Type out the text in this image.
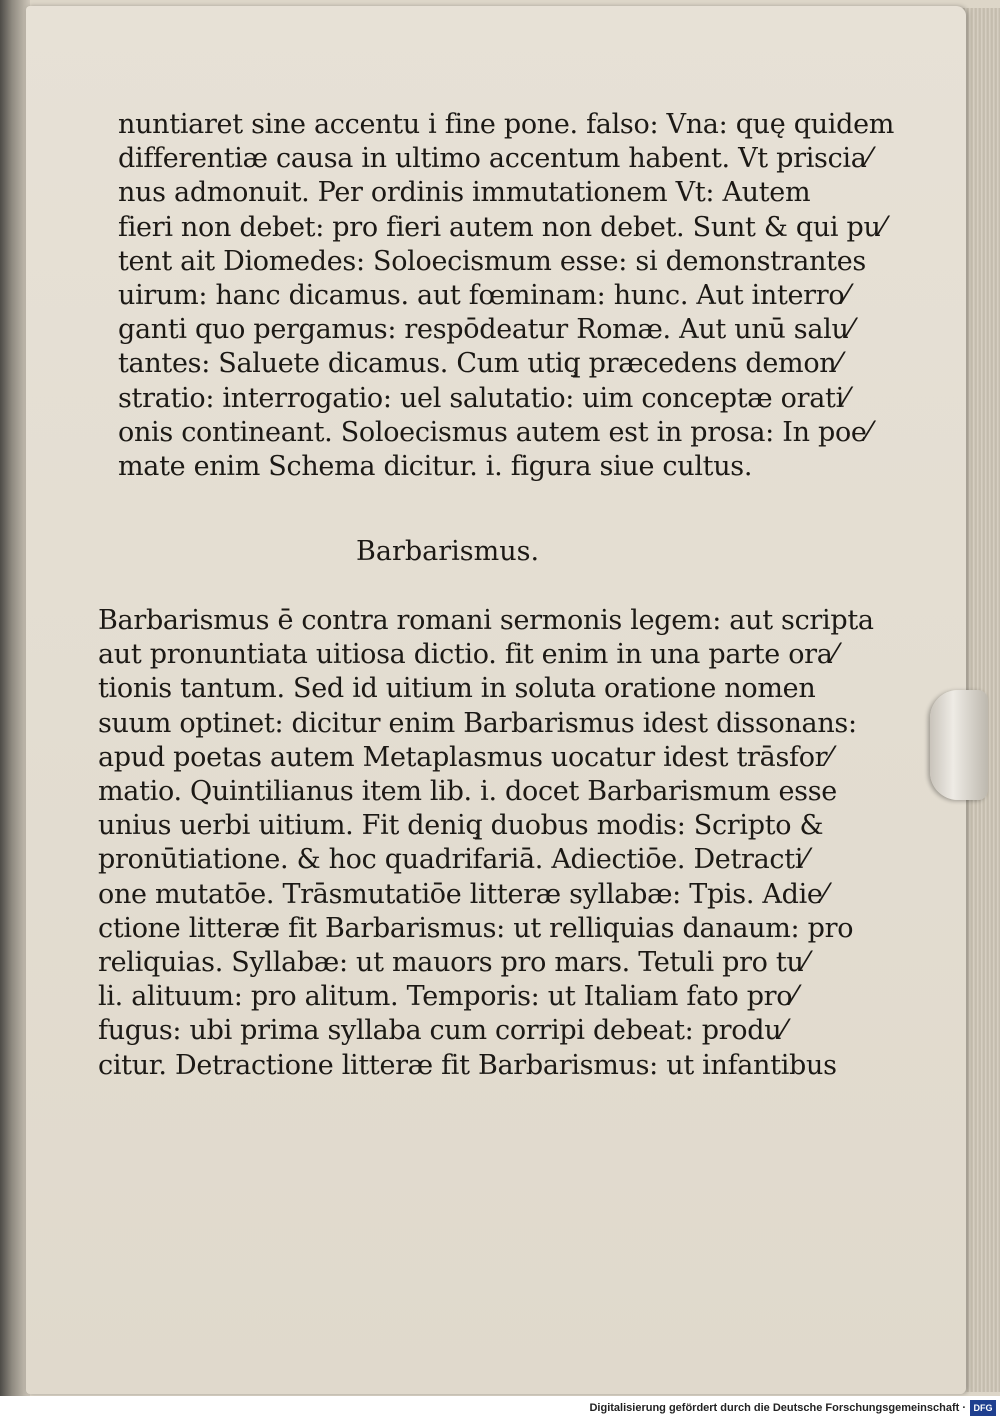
nuntiaret sine accentu i fine pone. falso: Vna: quę quidem
differentiæ causa in ultimo accentum habent. Vt priscia⁄
nus admonuit. Per ordinis immutationem Vt: Autem
fieri non debet: pro fieri autem non debet. Sunt & qui pu⁄
tent ait Diomedes: Soloecismum esse: si demonstrantes
uirum: hanc dicamus. aut fœminam: hunc. Aut interro⁄
ganti quo pergamus: respōdeatur Romæ. Aut unū salu⁄
tantes: Saluete dicamus. Cum utiq̧ præcedens demon⁄
stratio: interrogatio: uel salutatio: uim conceptæ orati⁄
onis contineant. Soloecismus autem est in prosa: In poe⁄
mate enim Schema dicitur. i. figura siue cultus.
Barbarismus.
Barbarismus ē contra romani sermonis legem: aut scripta
aut pronuntiata uitiosa dictio. fit enim in una parte ora⁄
tionis tantum. Sed id uitium in soluta oratione nomen
suum optinet: dicitur enim Barbarismus idest dissonans:
apud poetas autem Metaplasmus uocatur idest trāsfor⁄
matio. Quintilianus item lib. i. docet Barbarismum esse
unius uerbi uitium. Fit deniq̧ duobus modis: Scripto &
pronūtiatione. & hoc quadrifariā. Adiectiōe. Detracti⁄
one mutatōe. Trāsmutatiōe litteræ syllabæ: Tpis. Adie⁄
ctione litteræ fit Barbarismus: ut relliquias danaum: pro
reliquias. Syllabæ: ut mauors pro mars. Tetuli pro tu⁄
li. alituum: pro alitum. Temporis: ut Italiam fato pro⁄
fugus: ubi prima syllaba cum corripi debeat: produ⁄
citur. Detractione litteræ fit Barbarismus: ut infantibus
Digitalisierung gefördert durch die Deutsche Forschungsgemeinschaft · DFG
